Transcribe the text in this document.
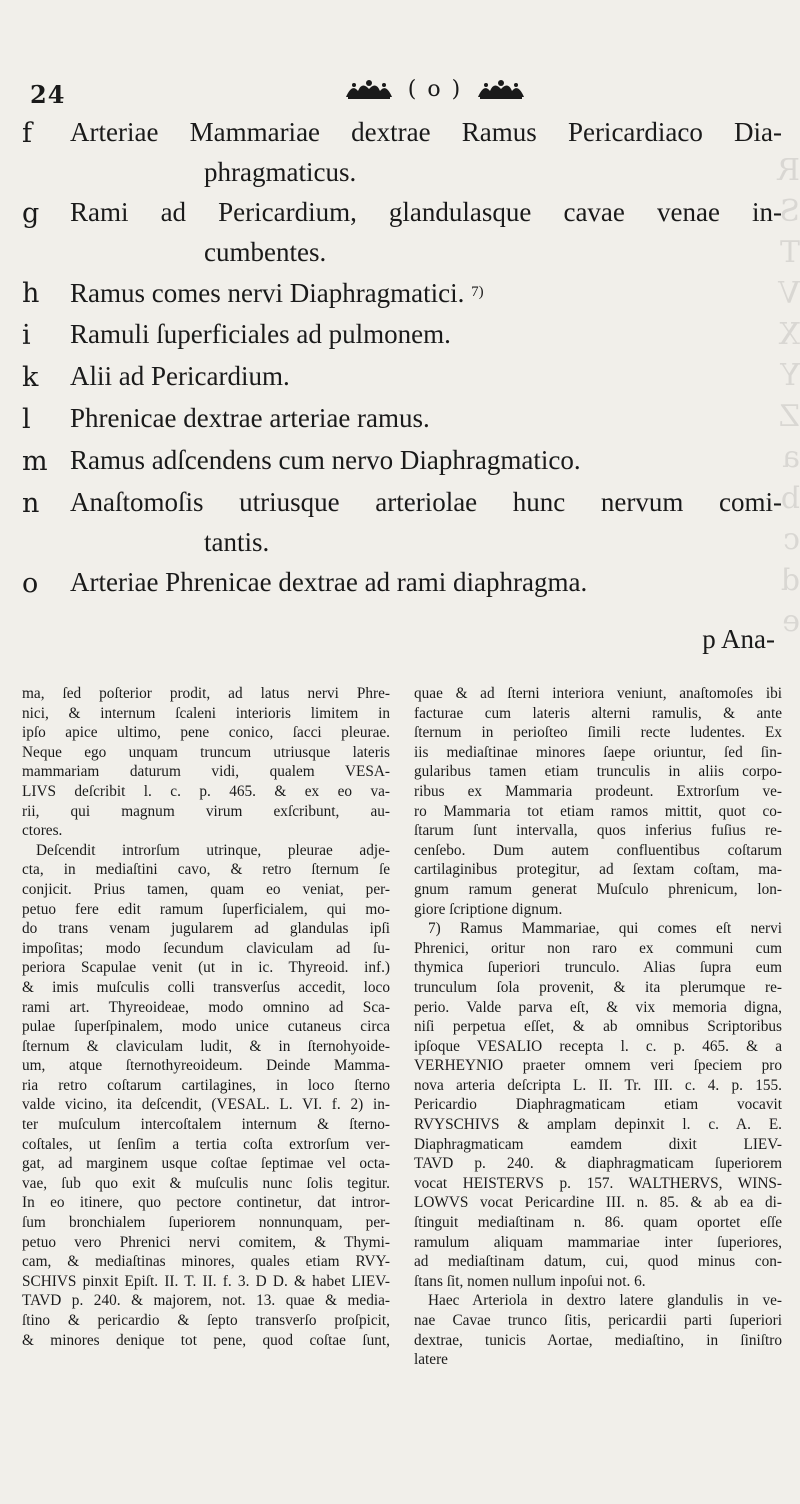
R
S
T
V
X
Y
Z
a
b
c
d
e
24	( o )
f	Arteriae Mammariae dextrae Ramus Pericardiaco Dia-
phragmaticus.
g	Rami ad Pericardium, glandulasque cavae venae in-
cumbentes.
h	Ramus comes nervi Diaphragmatici. $^{7)}$
i	Ramuli ſuperficiales ad pulmonem.
k	Alii ad Pericardium.
l	Phrenicae dextrae arteriae ramus.
m Ramus adſcendens cum nervo Diaphragmatico.
n	Anaſtomoſis utriusque arteriolae hunc nervum comi-
tantis.
o	Arteriae Phrenicae dextrae ad rami diaphragma.
p Ana-
ma, ſed poſterior prodit, ad latus nervi Phre-
nici, & internum ſcaleni interioris limitem in
ipſo apice ultimo, pene conico, ſacci pleurae.
Neque ego unquam truncum utriusque lateris
mammariam daturum vidi, qualem VESA-
LIVS deſcribit l. c. p. 465. & ex eo va-
rii, qui magnum virum exſcribunt, au-
ctores.
Deſcendit introrſum utrinque, pleurae adje-
cta, in mediaſtini cavo, & retro ſternum ſe
conjicit. Prius tamen, quam eo veniat, per-
petuo fere edit ramum ſuperficialem, qui mo-
do trans venam jugularem ad glandulas ipſi
impoſitas; modo ſecundum claviculam ad ſu-
periora Scapulae venit (ut in ic. Thyreoid. inf.)
& imis muſculis colli transverſus accedit, loco
rami art. Thyreoideae, modo omnino ad Sca-
pulae ſuperſpinalem, modo unice cutaneus circa
ſternum & claviculam ludit, & in ſternohyoide-
um, atque ſternothyreoideum. Deinde Mamma-
ria retro coſtarum cartilagines, in loco ſterno
valde vicino, ita deſcendit, (VESAL. L. VI. f. 2) in-
ter muſculum intercoſtalem internum & ſterno-
coſtales, ut ſenſim a tertia coſta extrorſum ver-
gat, ad marginem usque coſtae ſeptimae vel octa-
vae, ſub quo exit & muſculis nunc ſolis tegitur.
In eo itinere, quo pectore continetur, dat intror-
ſum bronchialem ſuperiorem nonnunquam, per-
petuo vero Phrenici nervi comitem, & Thymi-
cam, & mediaſtinas minores, quales etiam RVY-
SCHIVS pinxit Epiſt. II. T. II. f. 3. D D. & habet LIEV-
TAVD p. 240. & majorem, not. 13. quae & media-
ſtino & pericardio & ſepto transverſo proſpicit,
& minores denique tot pene, quod coſtae ſunt,
quae & ad ſterni interiora veniunt, anaſtomoſes ibi
facturae cum lateris alterni ramulis, & ante
ſternum in perioſteo ſimili recte ludentes. Ex
iis mediaſtinae minores ſaepe oriuntur, ſed ſin-
gularibus tamen etiam trunculis in aliis corpo-
ribus ex Mammaria prodeunt. Extrorſum ve-
ro Mammaria tot etiam ramos mittit, quot co-
ſtarum ſunt intervalla, quos inferius fuſius re-
cenſebo. Dum autem confluentibus coſtarum
cartilaginibus protegitur, ad ſextam coſtam, ma-
gnum ramum generat Muſculo phrenicum, lon-
giore ſcriptione dignum.
7) Ramus Mammariae, qui comes eſt nervi
Phrenici, oritur non raro ex communi cum
thymica ſuperiori trunculo. Alias ſupra eum
trunculum ſola provenit, & ita plerumque re-
perio. Valde parva eſt, & vix memoria digna,
niſi perpetua eſſet, & ab omnibus Scriptoribus
ipſoque VESALIO recepta l. c. p. 465. & a
VERHEYNIO praeter omnem veri ſpeciem pro
nova arteria deſcripta L. II. Tr. III. c. 4. p. 155.
Pericardio Diaphragmaticam etiam vocavit
RVYSCHIVS & amplam depinxit l. c. A. E.
Diaphragmaticam eamdem dixit LIEV-
TAVD p. 240. & diaphragmaticam ſuperiorem
vocat HEISTERVS p. 157. WALTHERVS, WINS-
LOWVS vocat Pericardine III. n. 85. & ab ea di-
ſtinguit mediaſtinam n. 86. quam oportet eſſe
ramulum aliquam mammariae inter ſuperiores,
ad mediaſtinam datum, cui, quod minus con-
ſtans ſit, nomen nullum inpoſui not. 6.
Haec Arteriola in dextro latere glandulis in ve-
nae Cavae trunco ſitis, pericardii parti ſuperiori
dextrae, tunicis Aortae, mediaſtino, in ſiniſtro
latere
